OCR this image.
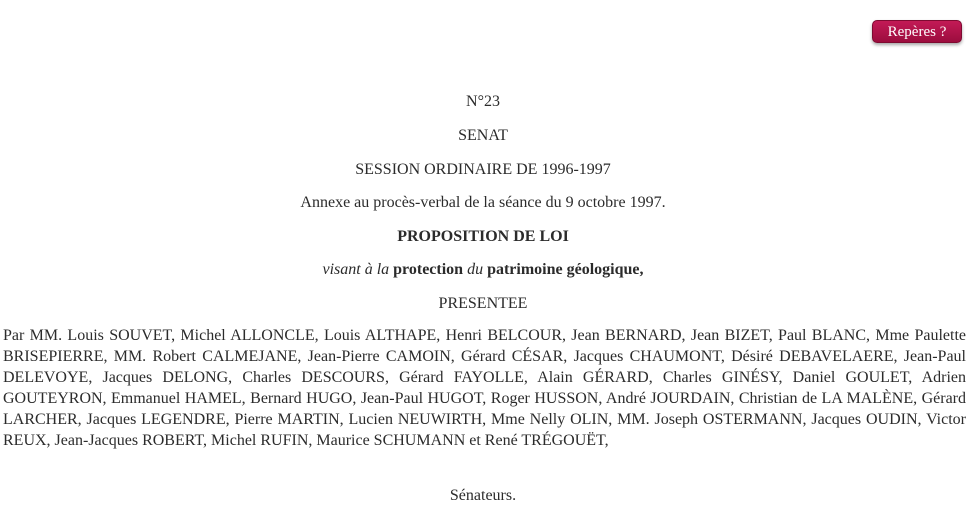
Repères ?
N°23
SENAT
SESSION ORDINAIRE DE 1996-1997
Annexe au procès-verbal de la séance du 9 octobre 1997.
PROPOSITION DE LOI
visant à la protection du patrimoine géologique,
PRESENTEE

Par MM. Louis SOUVET, Michel ALLONCLE, Louis ALTHAPE, Henri BELCOUR, Jean BERNARD, Jean BIZET, Paul BLANC, Mme Paulette BRISEPIERRE, MM. Robert CALMEJANE, Jean-Pierre CAMOIN, Gérard CÉSAR, Jacques CHAUMONT, Désiré DEBAVELAERE, Jean-Paul DELEVOYE, Jacques DELONG, Charles DESCOURS, Gérard FAYOLLE, Alain GÉRARD, Charles GINÉSY, Daniel GOULET, Adrien GOUTEYRON, Emmanuel HAMEL, Bernard HUGO, Jean-Paul HUGOT, Roger HUSSON, André JOURDAIN, Christian de LA MALÈNE, Gérard LARCHER, Jacques LEGENDRE, Pierre MARTIN, Lucien NEUWIRTH, Mme Nelly OLIN, MM. Joseph OSTERMANN, Jacques OUDIN, Victor REUX, Jean-Jacques ROBERT, Michel RUFIN, Maurice SCHUMANN et René TRÉGOUËT,

Sénateurs.
